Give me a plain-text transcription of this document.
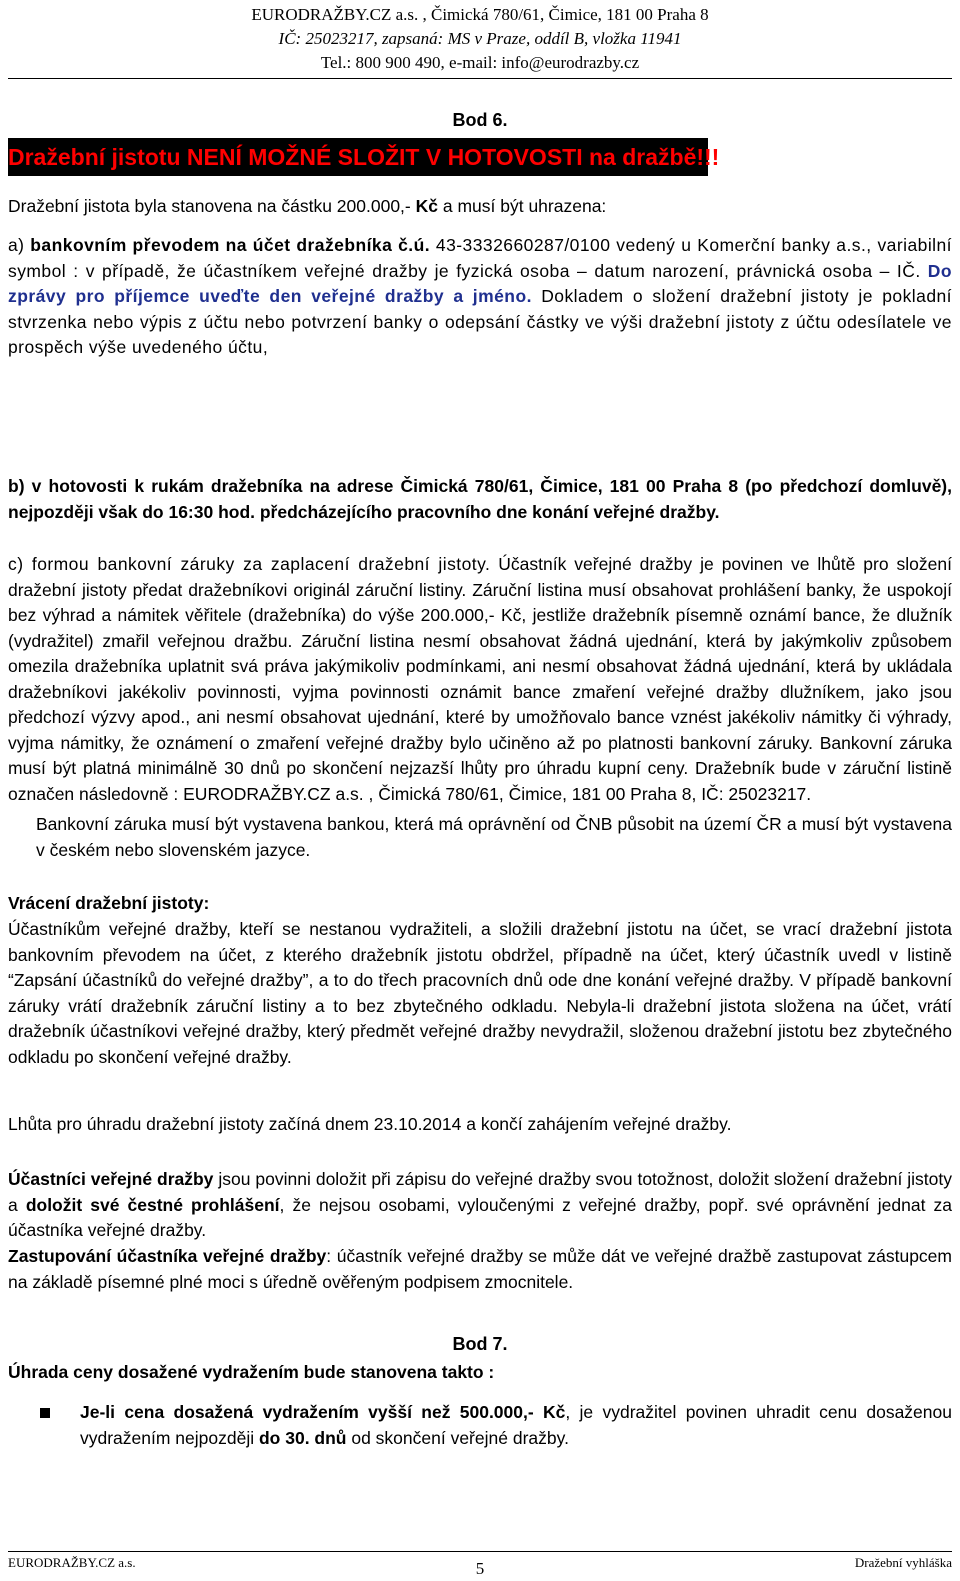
EURODRAŽBY.CZ a.s. , Čimická 780/61, Čimice, 181 00 Praha 8
IČ: 25023217, zapsaná: MS v Praze, oddíl B, vložka 11941
Tel.: 800 900 490, e-mail: info@eurodrazby.cz
Bod 6.
Dražební jistotu NENÍ MOŽNÉ SLOŽIT V HOTOVOSTI na dražbě!!!
Dražební jistota byla stanovena na částku 200.000,- Kč a musí být uhrazena:
a) bankovním převodem na účet dražebníka č.ú. 43-3332660287/0100 vedený u Komerční banky a.s., variabilní symbol : v případě, že účastníkem veřejné dražby je fyzická osoba – datum narození, právnická osoba – IČ. Do zprávy pro příjemce uveďte den veřejné dražby a jméno. Dokladem o složení dražební jistoty je pokladní stvrzenka nebo výpis z účtu nebo potvrzení banky o odepsání částky ve výši dražební jistoty z účtu odesílatele ve prospěch výše uvedeného účtu,
b) v hotovosti k rukám dražebníka na adrese Čimická 780/61, Čimice, 181 00 Praha 8 (po předchozí domluvě), nejpozději však do 16:30 hod. předcházejícího pracovního dne konání veřejné dražby.
c) formou bankovní záruky za zaplacení dražební jistoty. Účastník veřejné dražby je povinen ve lhůtě pro složení dražební jistoty předat dražebníkovi originál záruční listiny. Záruční listina musí obsahovat prohlášení banky, že uspokojí bez výhrad a námitek věřitele (dražebníka) do výše 200.000,- Kč, jestliže dražebník písemně oznámí bance, že dlužník (vydražitel) zmařil veřejnou dražbu. Záruční listina nesmí obsahovat žádná ujednání, která by jakýmkoliv způsobem omezila dražebníka uplatnit svá práva jakýmikoliv podmínkami, ani nesmí obsahovat žádná ujednání, která by ukládala dražebníkovi jakékoliv povinnosti, vyjma povinnosti oznámit bance zmaření veřejné dražby dlužníkem, jako jsou předchozí výzvy apod., ani nesmí obsahovat ujednání, které by umožňovalo bance vznést jakékoliv námitky či výhrady, vyjma námitky, že oznámení o zmaření veřejné dražby bylo učiněno až po platnosti bankovní záruky. Bankovní záruka musí být platná minimálně 30 dnů po skončení nejzazší lhůty pro úhradu kupní ceny. Dražebník bude v záruční listině označen následovně : EURODRAŽBY.CZ a.s. , Čimická 780/61, Čimice, 181 00 Praha 8, IČ: 25023217.
Bankovní záruka musí být vystavena bankou, která má oprávnění od ČNB působit na území ČR a musí být vystavena v českém nebo slovenském jazyce.
Vrácení dražební jistoty:
Účastníkům veřejné dražby, kteří se nestanou vydražiteli, a složili dražební jistotu na účet, se vrací dražební jistota bankovním převodem na účet, z kterého dražebník jistotu obdržel, případně na účet, který účastník uvedl v listině “Zapsání účastníků do veřejné dražby”, a to do třech pracovních dnů ode dne konání veřejné dražby. V případě bankovní záruky vrátí dražebník záruční listiny a to bez zbytečného odkladu. Nebyla-li dražební jistota složena na účet, vrátí dražebník účastníkovi veřejné dražby, který předmět veřejné dražby nevydražil, složenou dražební jistotu bez zbytečného odkladu po skončení veřejné dražby.
Lhůta pro úhradu dražební jistoty začíná dnem 23.10.2014 a končí zahájením veřejné dražby.
Účastníci veřejné dražby jsou povinni doložit při zápisu do veřejné dražby svou totožnost, doložit složení dražební jistoty a doložit své čestné prohlášení, že nejsou osobami, vyloučenými z veřejné dražby, popř. své oprávnění jednat za účastníka veřejné dražby.
Zastupování účastníka veřejné dražby: účastník veřejné dražby se může dát ve veřejné dražbě zastupovat zástupcem na základě písemné plné moci s úředně ověřeným podpisem zmocnitele.
Bod 7.
Úhrada ceny dosažené vydražením bude stanovena takto :
Je-li cena dosažená vydražením vyšší než 500.000,- Kč, je vydražitel povinen uhradit cenu dosaženou vydražením nejpozději do 30. dnů od skončení veřejné dražby.
EURODRAŽBY.CZ a.s.	5	Dražební vyhláška
